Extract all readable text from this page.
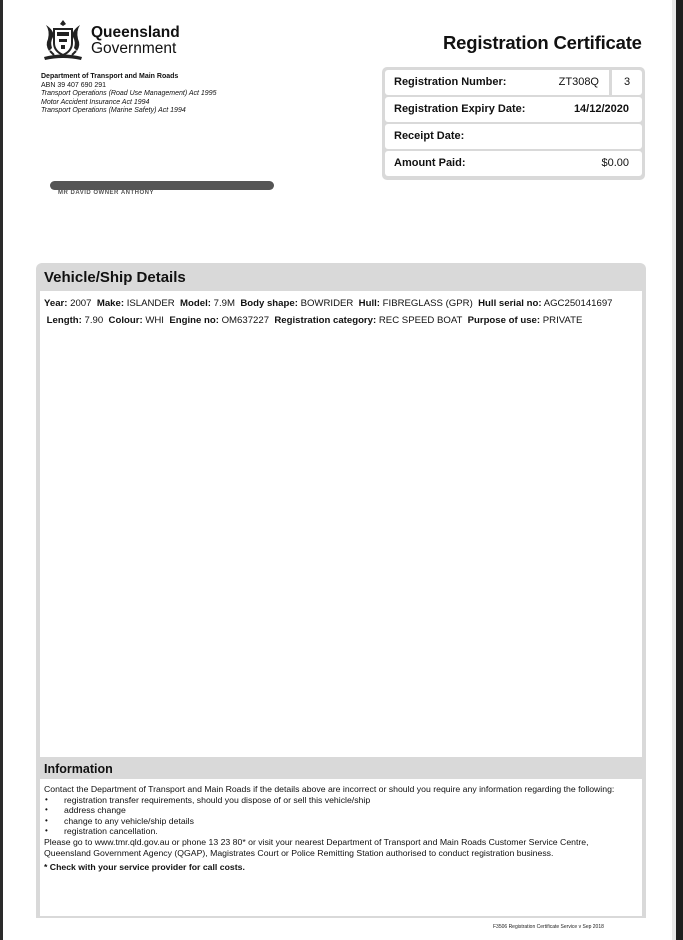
Queensland
Government	Registration Certificate
Department of Transport and Main Roads
ABN 39 407 690 291
Transport Operations (Road Use Management) Act 1995
Motor Accident Insurance Act 1994
Transport Operations (Marine Safety) Act 1994
Registration Number:	ZT308Q	3
Registration Expiry Date:	14/12/2020
Receipt Date:
Amount Paid:	$0.00
MR DAVID OWNER ANTHONY
Vehicle/Ship Details
Year: 2007 Make: ISLANDER Model: 7.9M Body shape: BOWRIDER Hull: FIBREGLASS (GPR) Hull serial no: AGC250141697  Length: 7.90 Colour: WHI Engine no: OM637227 Registration category: REC SPEED BOAT Purpose of use: PRIVATE
Information
Contact the Department of Transport and Main Roads if the details above are incorrect or should you require any information regarding the following:
• registration transfer requirements, should you dispose of or sell this vehicle/ship
• address change
• change to any vehicle/ship details
• registration cancellation.
Please go to www.tmr.qld.gov.au or phone 13 23 80* or visit your nearest Department of Transport and Main Roads Customer Service Centre, Queensland Government Agency (QGAP), Magistrates Court or Police Remitting Station authorised to conduct registration business.
* Check with your service provider for call costs.
F3506 Registration Certificate Service v Sep 2018
